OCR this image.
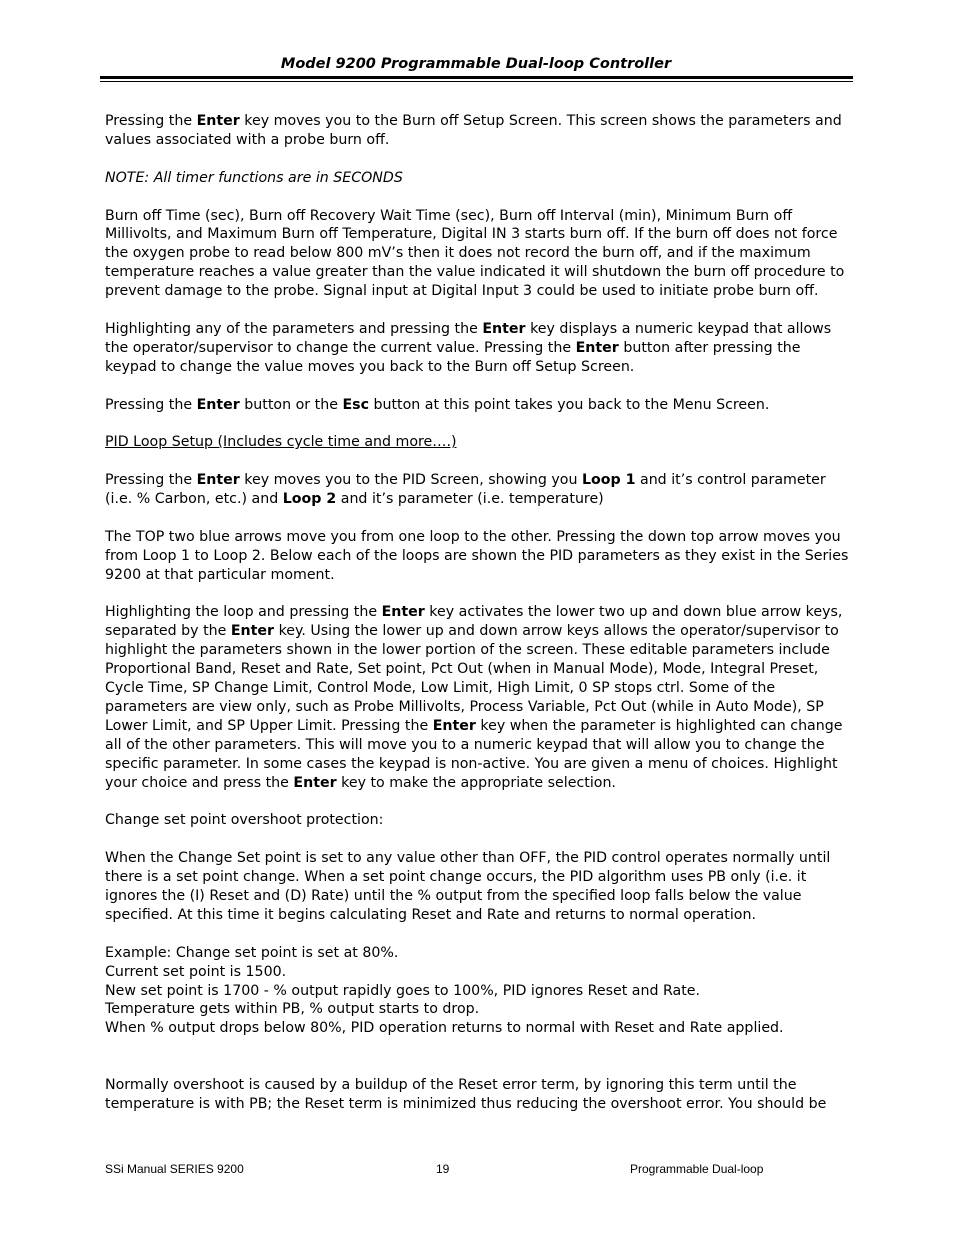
Model 9200 Programmable Dual-loop Controller

Pressing the Enter key moves you to the Burn off Setup Screen. This screen shows the parameters and values associated with a probe burn off.

NOTE: All timer functions are in SECONDS

Burn off Time (sec), Burn off Recovery Wait Time (sec), Burn off Interval (min), Minimum Burn off Millivolts, and Maximum Burn off Temperature, Digital IN 3 starts burn off. If the burn off does not force the oxygen probe to read below 800 mV’s then it does not record the burn off, and if the maximum temperature reaches a value greater than the value indicated it will shutdown the burn off procedure to prevent damage to the probe. Signal input at Digital Input 3 could be used to initiate probe burn off.

Highlighting any of the parameters and pressing the Enter key displays a numeric keypad that allows the operator/supervisor to change the current value. Pressing the Enter button after pressing the keypad to change the value moves you back to the Burn off Setup Screen.

Pressing the Enter button or the Esc button at this point takes you back to the Menu Screen.

PID Loop Setup (Includes cycle time and more….)

Pressing the Enter key moves you to the PID Screen, showing you Loop 1 and it’s control parameter (i.e. % Carbon, etc.) and Loop 2 and it’s parameter (i.e. temperature)

The TOP two blue arrows move you from one loop to the other. Pressing the down top arrow moves you from Loop 1 to Loop 2. Below each of the loops are shown the PID parameters as they exist in the Series 9200 at that particular moment.

Highlighting the loop and pressing the Enter key activates the lower two up and down blue arrow keys, separated by the Enter key. Using the lower up and down arrow keys allows the operator/supervisor to highlight the parameters shown in the lower portion of the screen. These editable parameters include Proportional Band, Reset and Rate, Set point, Pct Out (when in Manual Mode), Mode, Integral Preset, Cycle Time, SP Change Limit, Control Mode, Low Limit, High Limit, 0 SP stops ctrl. Some of the parameters are view only, such as Probe Millivolts, Process Variable, Pct Out (while in Auto Mode), SP Lower Limit, and SP Upper Limit. Pressing the Enter key when the parameter is highlighted can change all of the other parameters. This will move you to a numeric keypad that will allow you to change the specific parameter. In some cases the keypad is non-active. You are given a menu of choices. Highlight your choice and press the Enter key to make the appropriate selection.

Change set point overshoot protection:

When the Change Set point is set to any value other than OFF, the PID control operates normally until there is a set point change. When a set point change occurs, the PID algorithm uses PB only (i.e. it ignores the (I) Reset and (D) Rate) until the % output from the specified loop falls below the value specified. At this time it begins calculating Reset and Rate and returns to normal operation.

Example: Change set point is set at 80%.

Current set point is 1500.

New set point is 1700 - % output rapidly goes to 100%, PID ignores Reset and Rate.

Temperature gets within PB, % output starts to drop.

When % output drops below 80%, PID operation returns to normal with Reset and Rate applied.

Normally overshoot is caused by a buildup of the Reset error term, by ignoring this term until the temperature is with PB; the Reset term is minimized thus reducing the overshoot error. You should be

SSi Manual SERIES 9200	19	Programmable Dual-loop
